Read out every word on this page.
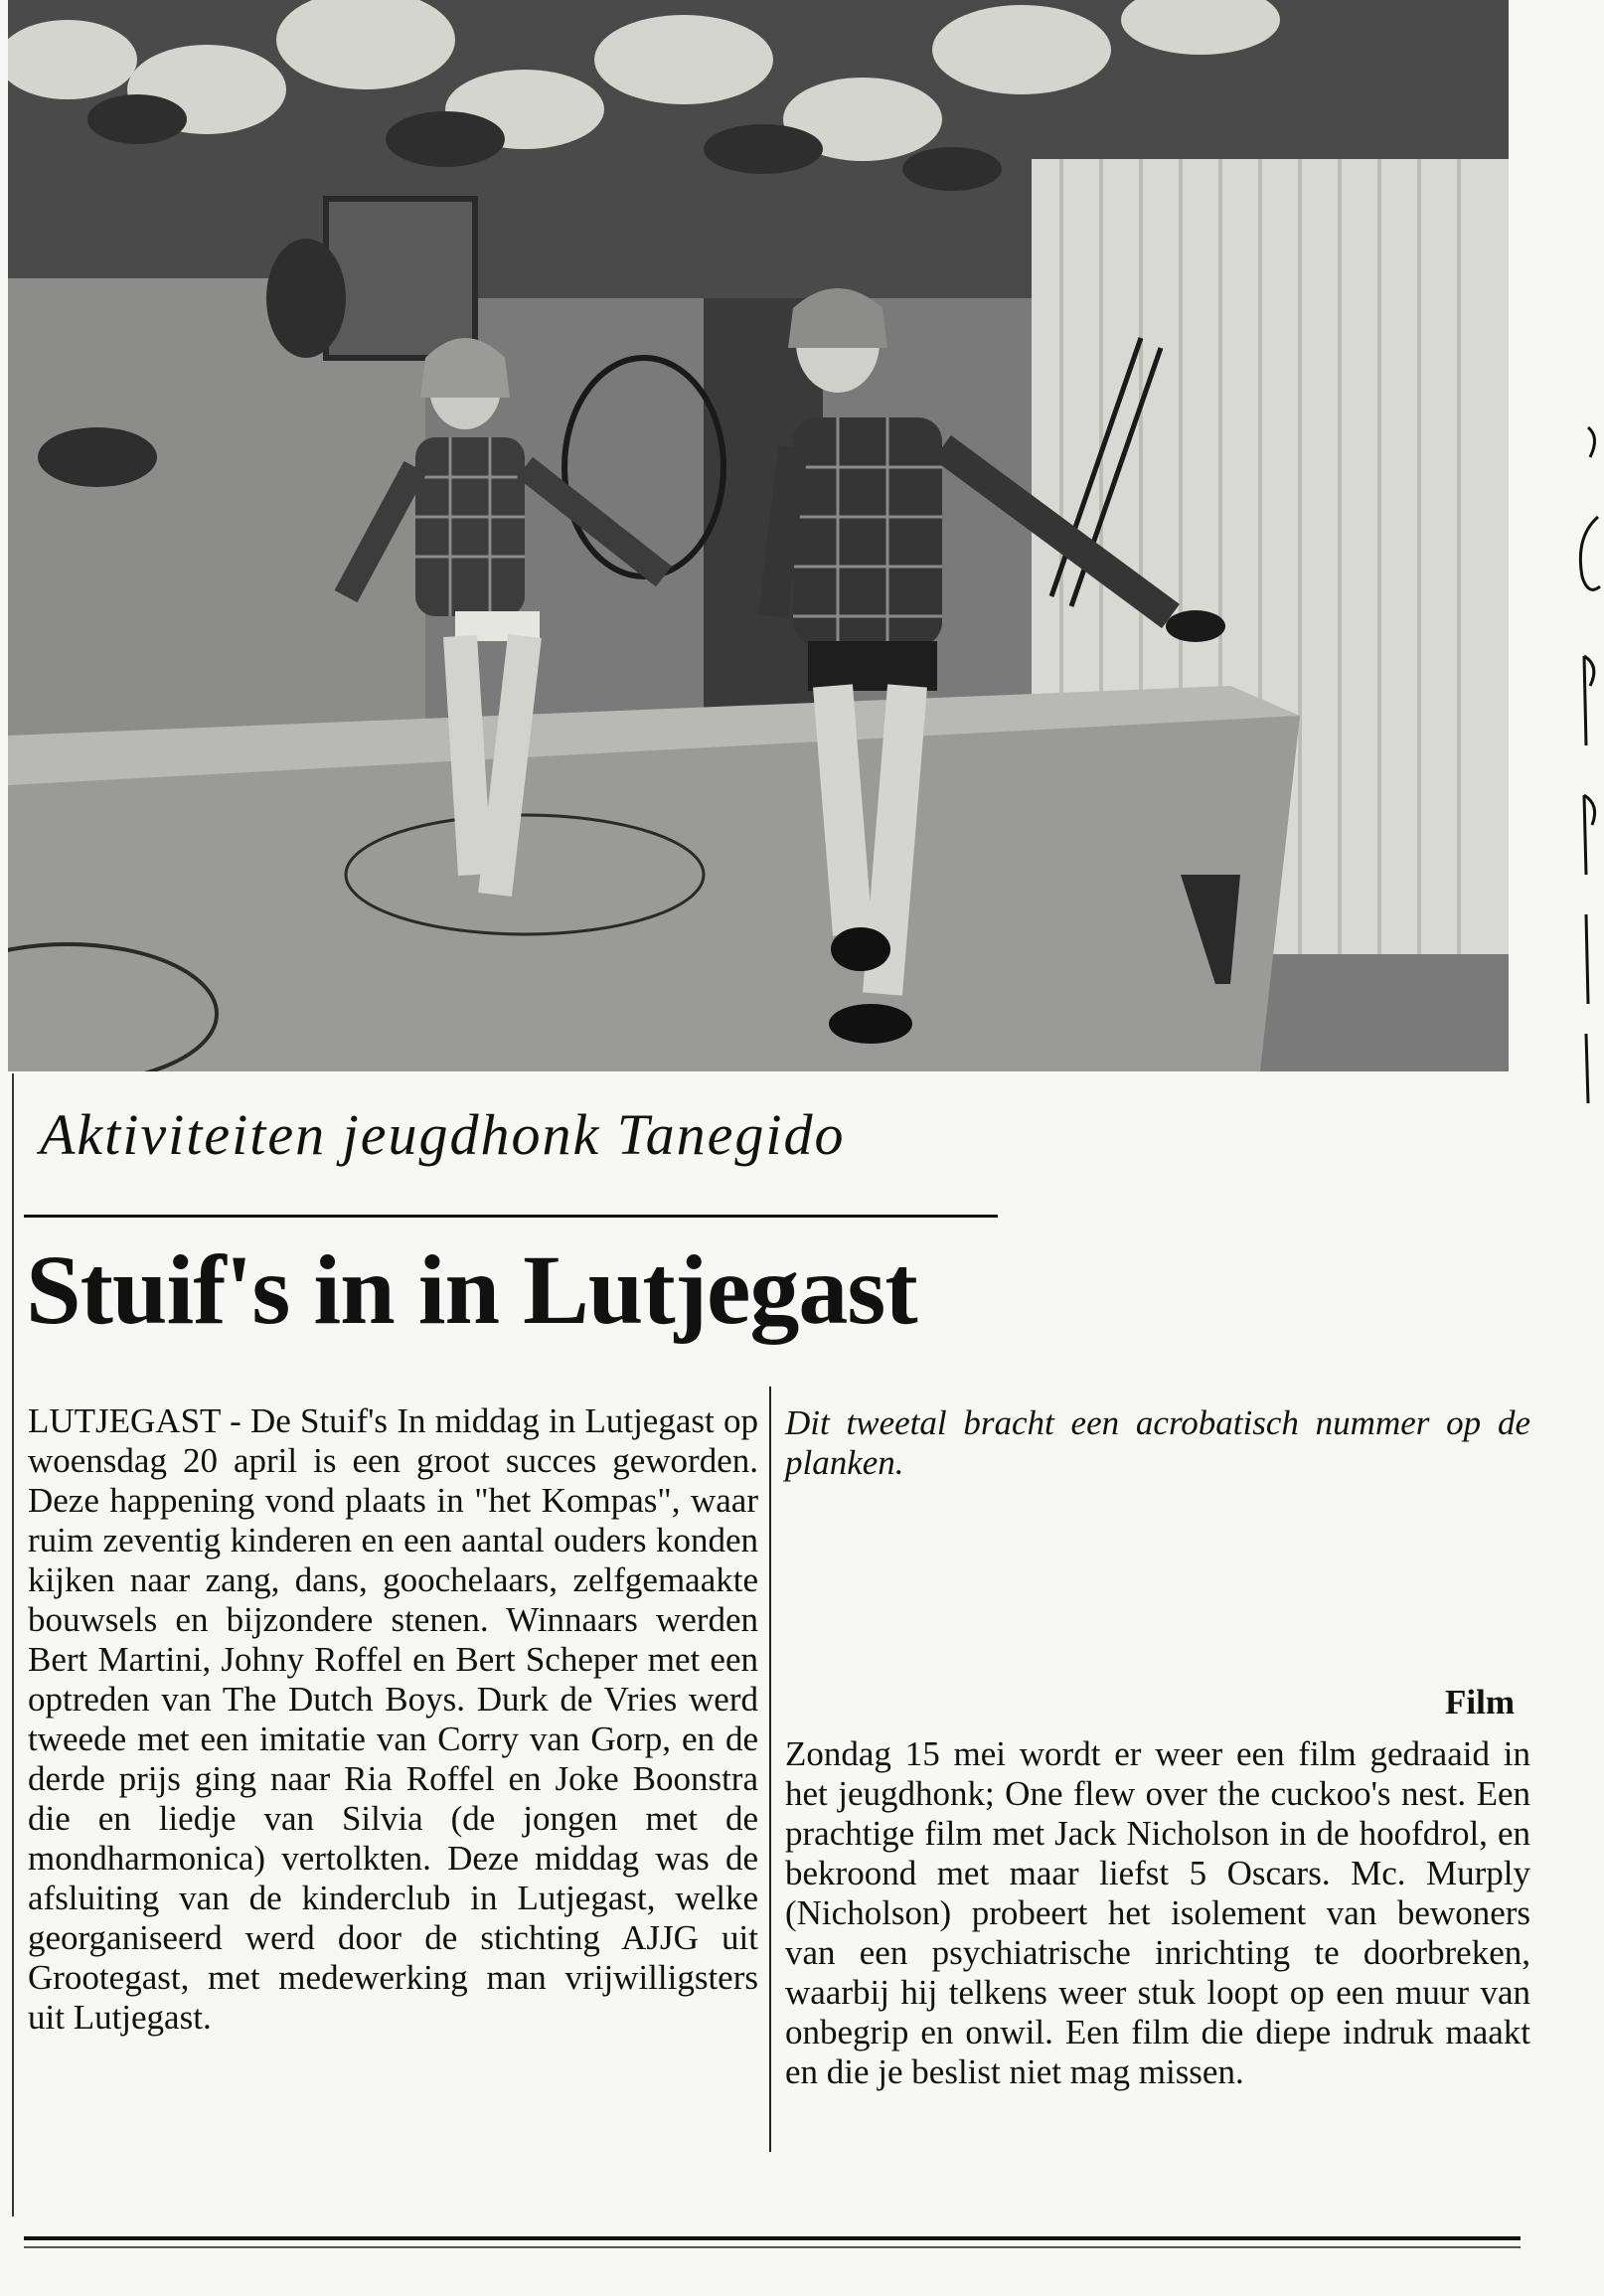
Aktiviteiten jeugdhonk Tanegido
Stuif's in in Lutjegast
LUTJEGAST - De Stuif's In middag in Lutjegast op woensdag 20 april is een groot succes geworden. Deze happening vond plaats in "het Kompas", waar ruim zeventig kinderen en een aantal ouders konden kijken naar zang, dans, goochelaars, zelfgemaakte bouwsels en bijzondere stenen. Winnaars werden Bert Martini, Johny Roffel en Bert Scheper met een optreden van The Dutch Boys. Durk de Vries werd tweede met een imitatie van Corry van Gorp, en de derde prijs ging naar Ria Roffel en Joke Boonstra die en liedje van Silvia (de jongen met de mondharmonica) vertolkten. Deze middag was de afsluiting van de kinderclub in Lutjegast, welke georganiseerd werd door de stichting AJJG uit Grootegast, met medewerking man vrijwilligsters uit Lutjegast.
Dit tweetal bracht een acrobatisch nummer op de planken.
Film
Zondag 15 mei wordt er weer een film gedraaid in het jeugdhonk; One flew over the cuckoo's nest. Een prachtige film met Jack Nicholson in de hoofdrol, en bekroond met maar liefst 5 Oscars. Mc. Murply (Nicholson) probeert het isolement van bewoners van een psychiatrische inrichting te doorbreken, waarbij hij telkens weer stuk loopt op een muur van onbegrip en onwil. Een film die diepe indruk maakt en die je beslist niet mag missen.
